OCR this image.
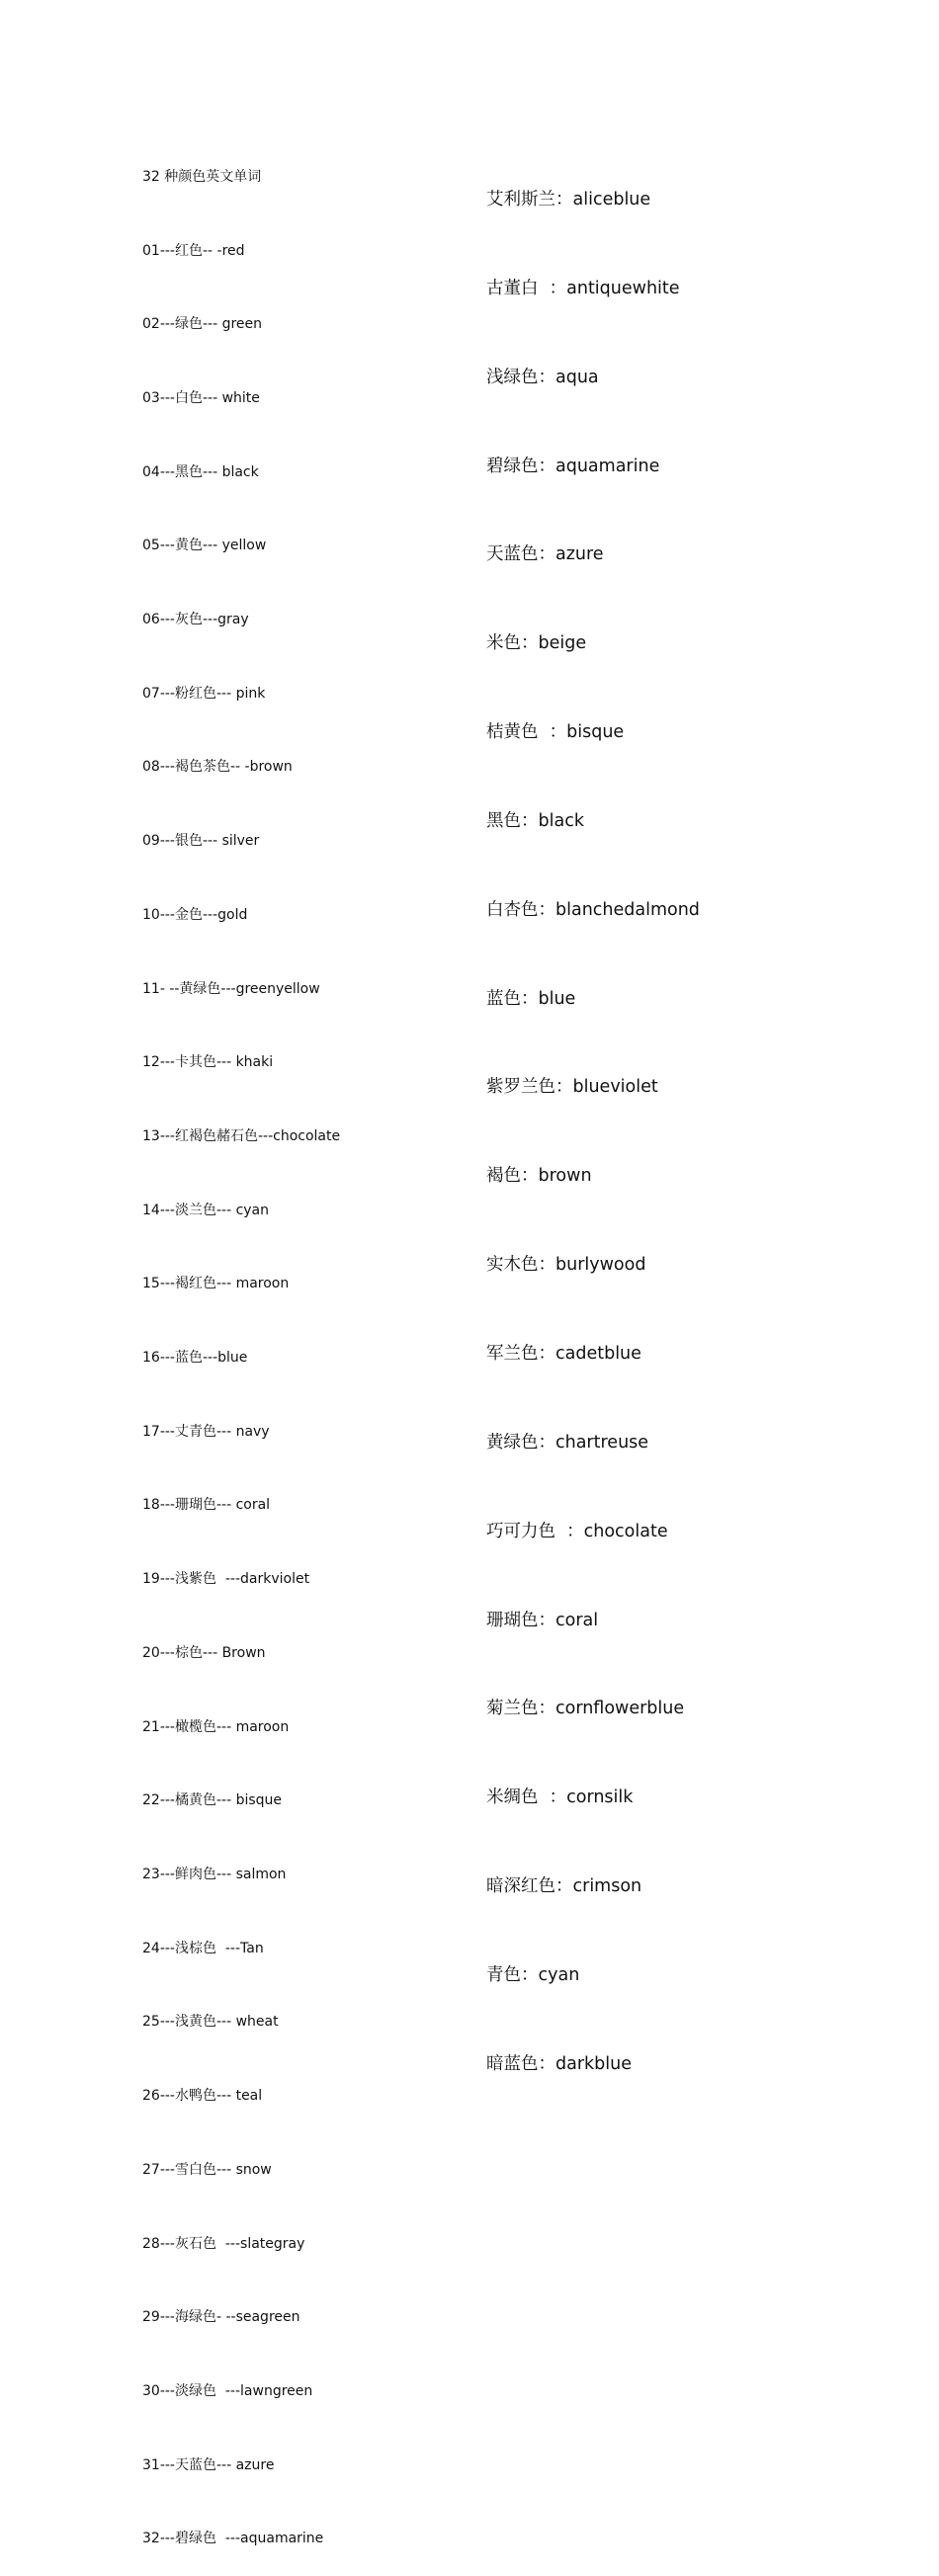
32 种颜色英文单词

01---红色-- -red

02---绿色--- green

03---白色--- white

04---黑色--- black

05---黄色--- yellow

06---灰色---gray

07---粉红色--- pink

08---褐色茶色-- -brown

09---银色--- silver

10---金色---gold

11- --黄绿色---greenyellow

12---卡其色--- khaki

13---红褐色赭石色---chocolate

14---淡兰色--- cyan

15---褐红色--- maroon

16---蓝色---blue

17---丈青色--- navy

18---珊瑚色--- coral

19---浅紫色  ---darkviolet

20---棕色--- Brown

21---橄榄色--- maroon

22---橘黄色--- bisque

23---鲜肉色--- salmon

24---浅棕色  ---Tan

25---浅黄色--- wheat

26---水鸭色--- teal

27---雪白色--- snow

28---灰石色  ---slategray

29---海绿色- --seagreen

30---淡绿色  ---lawngreen

31---天蓝色--- azure

32---碧绿色  ---aquamarine

艾利斯兰：aliceblue

古董白  ：antiquewhite

浅绿色：aqua

碧绿色：aquamarine

天蓝色：azure

米色：beige

桔黄色  ：bisque

黑色：black

白杏色：blanchedalmond

蓝色：blue

紫罗兰色：blueviolet

褐色：brown

实木色：burlywood

军兰色：cadetblue

黄绿色：chartreuse

巧可力色  ：chocolate

珊瑚色：coral

菊兰色：cornflowerblue

米绸色  ：cornsilk

暗深红色：crimson

青色：cyan

暗蓝色：darkblue
